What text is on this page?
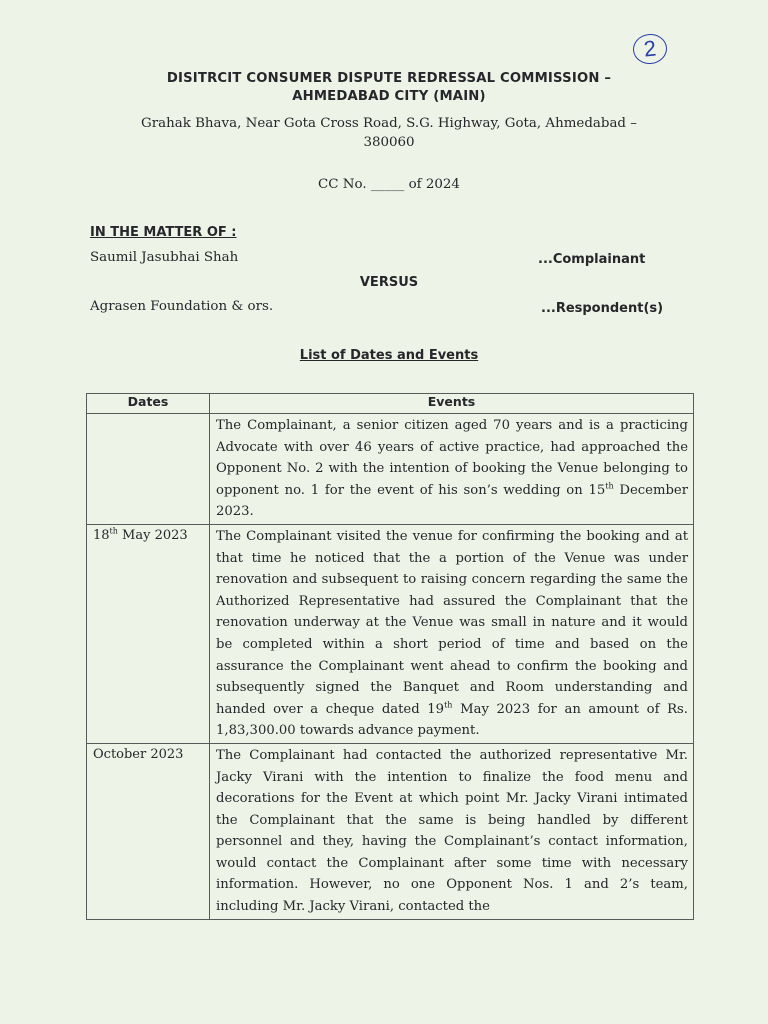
2
DISITRCIT CONSUMER DISPUTE REDRESSAL COMMISSION –
AHMEDABAD CITY (MAIN)
Grahak Bhava, Near Gota Cross Road, S.G. Highway, Gota, Ahmedabad –
380060
CC No. _____ of 2024
IN THE MATTER OF :
Saumil Jasubhai Shah	...Complainant
VERSUS
Agrasen Foundation & ors.	...Respondent(s)
List of Dates and Events
Dates	Events
	The Complainant, a senior citizen aged 70 years and is a practicing Advocate with over 46 years of active practice, had approached the Opponent No. 2 with the intention of booking the Venue belonging to opponent no. 1 for the event of his son’s wedding on 15th December 2023.
18th May 2023	The Complainant visited the venue for confirming the booking and at that time he noticed that the a portion of the Venue was under renovation and subsequent to raising concern regarding the same the Authorized Representative had assured the Complainant that the renovation underway at the Venue was small in nature and it would be completed within a short period of time and based on the assurance the Complainant went ahead to confirm the booking and subsequently signed the Banquet and Room understanding and handed over a cheque dated 19th May 2023 for an amount of Rs. 1,83,300.00 towards advance payment.
October 2023	The Complainant had contacted the authorized representative Mr. Jacky Virani with the intention to finalize the food menu and decorations for the Event at which point Mr. Jacky Virani intimated the Complainant that the same is being handled by different personnel and they, having the Complainant’s contact information, would contact the Complainant after some time with necessary information. However, no one Opponent Nos. 1 and 2’s team, including Mr. Jacky Virani, contacted the
